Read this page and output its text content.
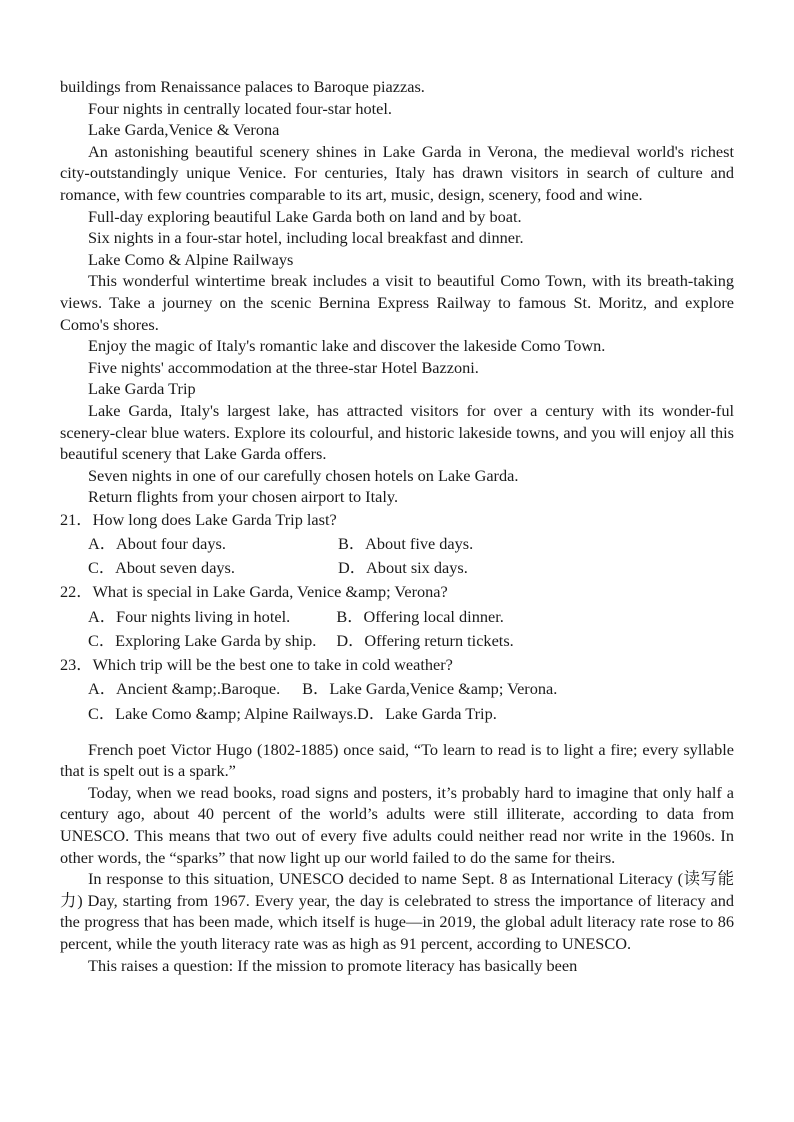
buildings from Renaissance palaces to Baroque piazzas.

Four nights in centrally located four-star hotel.

Lake Garda,Venice & Verona

An astonishing beautiful scenery shines in Lake Garda in Verona, the medieval world's richest city-outstandingly unique Venice. For centuries, Italy has drawn visitors in search of culture and romance, with few countries comparable to its art, music, design, scenery, food and wine.

Full-day exploring beautiful Lake Garda both on land and by boat.

Six nights in a four-star hotel, including local breakfast and dinner.

Lake Como & Alpine Railways

This wonderful wintertime break includes a visit to beautiful Como Town, with its breath-taking views. Take a journey on the scenic Bernina Express Railway to famous St. Moritz, and explore Como's shores.

Enjoy the magic of Italy's romantic lake and discover the lakeside Como Town.

Five nights' accommodation at the three-star Hotel Bazzoni.

Lake Garda Trip

Lake Garda, Italy's largest lake, has attracted visitors for over a century with its wonder-ful scenery-clear blue waters. Explore its colourful, and historic lakeside towns, and you will enjoy all this beautiful scenery that Lake Garda offers.

Seven nights in one of our carefully chosen hotels on Lake Garda.

Return flights from your chosen airport to Italy.

21．How long does Lake Garda Trip last?

A．About four days.	B．About five days.
C．About seven days.	D．About six days.

22．What is special in Lake Garda, Venice &amp; Verona?

A．Four nights living in hotel.	B．Offering local dinner.
C．Exploring Lake Garda by ship. D．Offering return tickets.

23．Which trip will be the best one to take in cold weather?

A．Ancient &amp;.Baroque. B．Lake Garda,Venice &amp; Verona.
C．Lake Como &amp; Alpine Railways.D．Lake Garda Trip.

French poet Victor Hugo (1802-1885) once said, “To learn to read is to light a fire; every syllable that is spelt out is a spark.”

Today, when we read books, road signs and posters, it’s probably hard to imagine that only half a century ago, about 40 percent of the world’s adults were still illiterate, according to data from UNESCO. This means that two out of every five adults could neither read nor write in the 1960s. In other words, the “sparks” that now light up our world failed to do the same for theirs.

In response to this situation, UNESCO decided to name Sept. 8 as International Literacy (读写能力) Day, starting from 1967. Every year, the day is celebrated to stress the importance of literacy and the progress that has been made, which itself is huge—in 2019, the global adult literacy rate rose to 86 percent, while the youth literacy rate was as high as 91 percent, according to UNESCO.

This raises a question: If the mission to promote literacy has basically been
